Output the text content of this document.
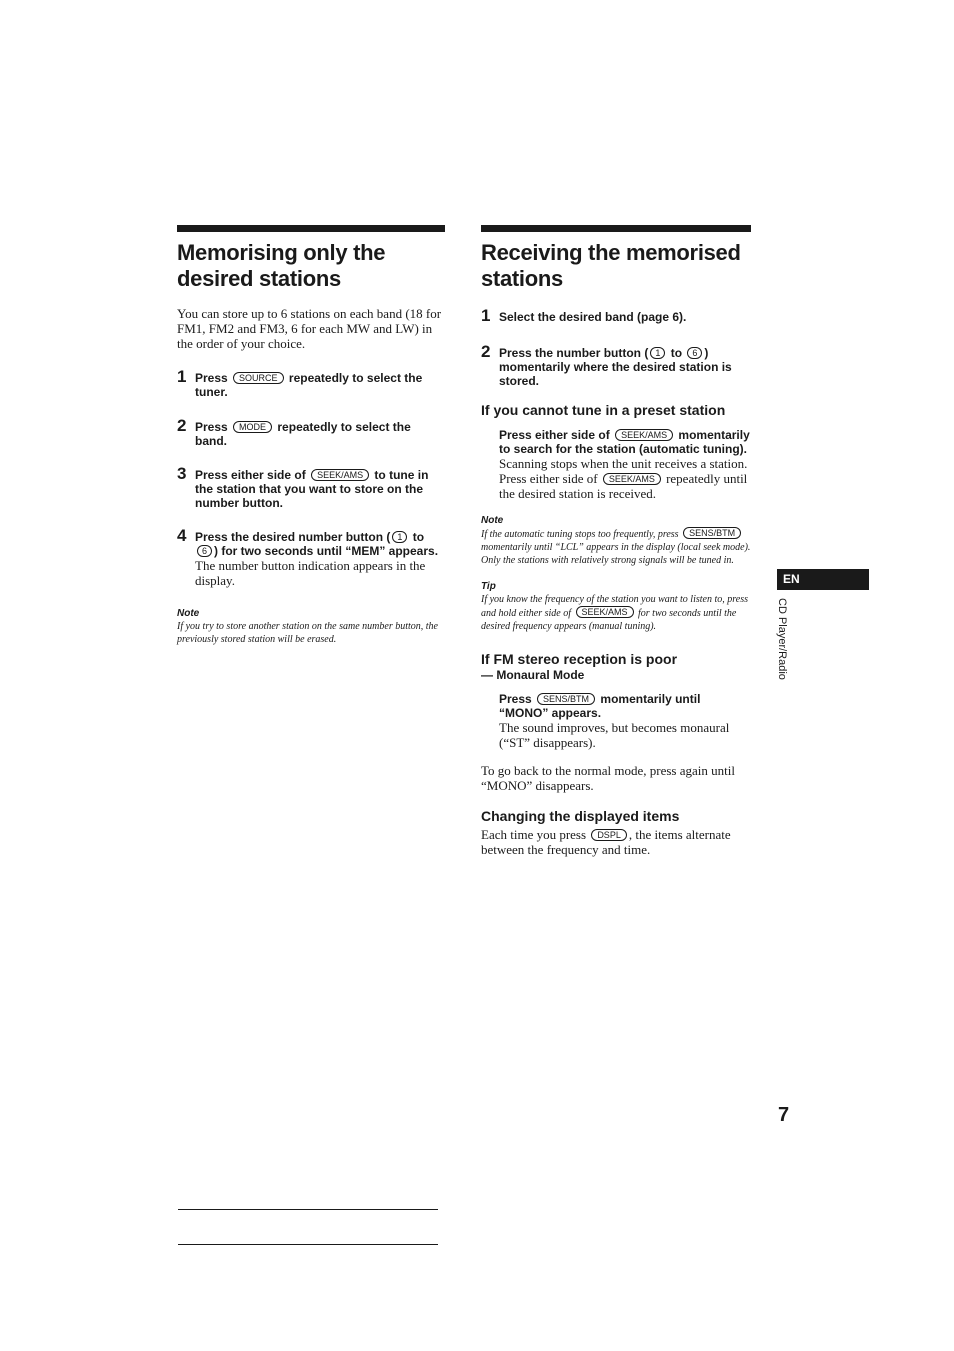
Memorising only the desired stations

You can store up to 6 stations on each band (18 for FM1, FM2 and FM3, 6 for each MW and LW) in the order of your choice.

1 Press SOURCE repeatedly to select the tuner.
2 Press MODE repeatedly to select the band.
3 Press either side of SEEK/AMS to tune in the station that you want to store on the number button.
4 Press the desired number button ( 1 to 6 ) for two seconds until “MEM” appears.

The number button indication appears in the display.

Note

If you try to store another station on the same number button, the previously stored station will be erased.

Receiving the memorised stations
1 Select the desired band (page 6).
2 Press the number button ( 1 to 6 ) momentarily where the desired station is stored.
If you cannot tune in a preset station
Press either side of SEEK/AMS momentarily to search for the station (automatic tuning).

Scanning stops when the unit receives a station. Press either side of SEEK/AMS repeatedly until the desired station is received.

Note

If the automatic tuning stops too frequently, press SENS/BTM momentarily until “LCL” appears in the display (local seek mode). Only the stations with relatively strong signals will be tuned in.

Tip

If you know the frequency of the station you want to listen to, press and hold either side of SEEK/AMS for two seconds until the desired frequency appears (manual tuning).

If FM stereo reception is poor
— Monaural Mode
Press SENS/BTM momentarily until “MONO” appears.

The sound improves, but becomes monaural (“ST” disappears).

To go back to the normal mode, press again until “MONO” disappears.

Changing the displayed items

Each time you press DSPL , the items alternate between the frequency and time.

EN
CD Player/Radio
7
